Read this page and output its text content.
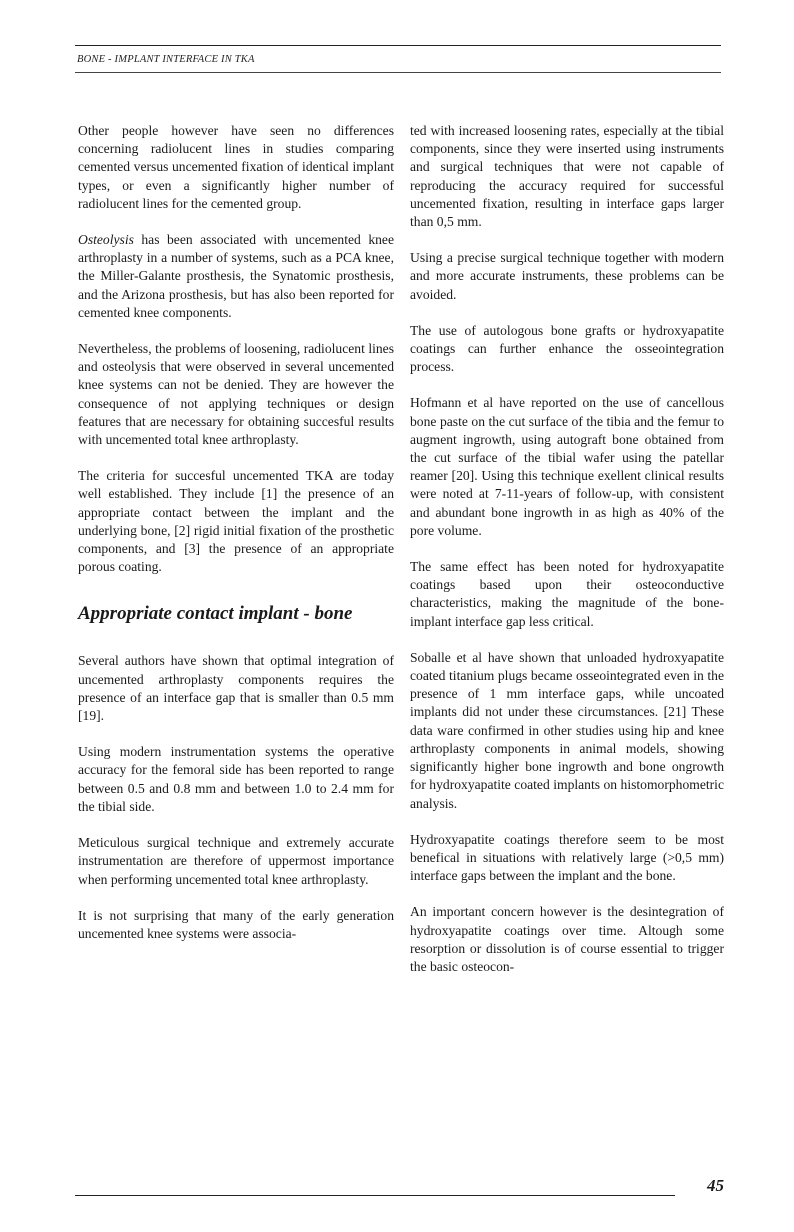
BONE - IMPLANT INTERFACE IN TKA

Other people however have seen no differences concerning radiolucent lines in studies comparing cemented versus uncemented fixation of identical implant types, or even a significantly higher number of radiolucent lines for the cemented group.

Osteolysis has been associated with uncemented knee arthroplasty in a number of systems, such as a PCA knee, the Miller-Galante prosthesis, the Synatomic prosthesis, and the Arizona prosthesis, but has also been reported for cemented knee components.

Nevertheless, the problems of loosening, radiolucent lines and osteolysis that were observed in several uncemented knee systems can not be denied. They are however the consequence of not applying techniques or design features that are necessary for obtaining succesful results with uncemented total knee arthroplasty.

The criteria for succesful uncemented TKA are today well established. They include [1] the presence of an appropriate contact between the implant and the underlying bone, [2] rigid initial fixation of the prosthetic components, and [3] the presence of an appropriate porous coating.

Appropriate contact implant - bone

Several authors have shown that optimal integration of uncemented arthroplasty components requires the presence of an interface gap that is smaller than 0.5 mm [19].

Using modern instrumentation systems the operative accuracy for the femoral side has been reported to range between 0.5 and 0.8 mm and between 1.0 to 2.4 mm for the tibial side.

Meticulous surgical technique and extremely accurate instrumentation are therefore of uppermost importance when performing uncemented total knee arthroplasty.

It is not surprising that many of the early generation uncemented knee systems were associa-

ted with increased loosening rates, especially at the tibial components, since they were inserted using instruments and surgical techniques that were not capable of reproducing the accuracy required for successful uncemented fixation, resulting in interface gaps larger than 0,5 mm.

Using a precise surgical technique together with modern and more accurate instruments, these problems can be avoided.

The use of autologous bone grafts or hydroxyapatite coatings can further enhance the osseointegration process.

Hofmann et al have reported on the use of cancellous bone paste on the cut surface of the tibia and the femur to augment ingrowth, using autograft bone obtained from the cut surface of the tibial wafer using the patellar reamer [20]. Using this technique exellent clinical results were noted at 7-11-years of follow-up, with consistent and abundant bone ingrowth in as high as 40% of the pore volume.

The same effect has been noted for hydroxyapatite coatings based upon their osteoconductive characteristics, making the magnitude of the bone-implant interface gap less critical.

Soballe et al have shown that unloaded hydroxyapatite coated titanium plugs became osseointegrated even in the presence of 1 mm interface gaps, while uncoated implants did not under these circumstances. [21] These data ware confirmed in other studies using hip and knee arthroplasty components in animal models, showing significantly higher bone ingrowth and bone ongrowth for hydroxyapatite coated implants on histomorphometric analysis.

Hydroxyapatite coatings therefore seem to be most benefical in situations with relatively large (>0,5 mm) interface gaps between the implant and the bone.

An important concern however is the desintegration of hydroxyapatite coatings over time. Altough some resorption or dissolution is of course essential to trigger the basic osteocon-

45
